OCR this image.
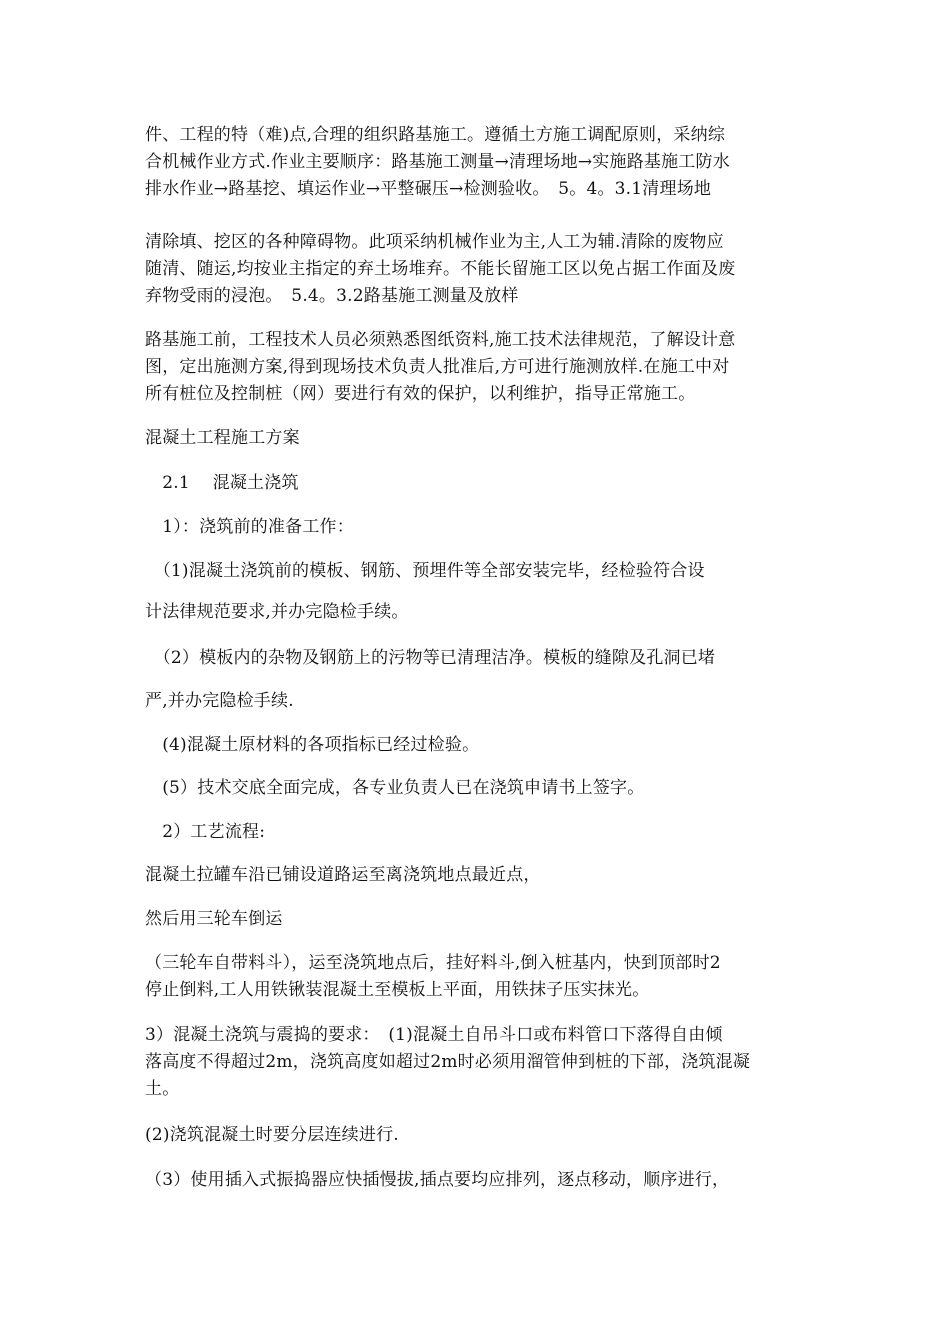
件、工程的特（难)点,合理的组织路基施工。遵循土方施工调配原则，采纳综
合机械作业方式.作业主要顺序：路基施工测量→清理场地→实施路基施工防水
排水作业→路基挖、填运作业→平整碾压→检测验收。　5。4。3.1清理场地
清除填、挖区的各种障碍物。此项采纳机械作业为主,人工为辅.清除的废物应
随清、随运,均按业主指定的弃土场堆弃。不能长留施工区以免占据工作面及废
弃物受雨的浸泡。　5.4。3.2路基施工测量及放样
路基施工前，工程技术人员必须熟悉图纸资料,施工技术法律规范，了解设计意
图，定出施测方案,得到现场技术负责人批准后,方可进行施测放样.在施工中对
所有桩位及控制桩（网）要进行有效的保护，以利维护，指导正常施工。
混凝土工程施工方案
　2.1　 混凝土浇筑
　1）：浇筑前的准备工作：
　（1)混凝土浇筑前的模板、钢筋、预埋件等全部安装完毕，经检验符合设
计法律规范要求,并办完隐检手续。
　（2）模板内的杂物及钢筋上的污物等已清理洁净。模板的缝隙及孔洞已堵
严,并办完隐检手续.
　(4)混凝土原材料的各项指标已经过检验。
　(5）技术交底全面完成，各专业负责人已在浇筑申请书上签字。
　2）工艺流程:
混凝土拉罐车沿已铺设道路运至离浇筑地点最近点，
然后用三轮车倒运
（三轮车自带料斗），运至浇筑地点后，挂好料斗,倒入桩基内，快到顶部时2
停止倒料,工人用铁锹装混凝土至模板上平面，用铁抹子压实抹光。
3）混凝土浇筑与震捣的要求：　(1)混凝土自吊斗口或布料管口下落得自由倾
落高度不得超过2m，浇筑高度如超过2m时必须用溜管伸到桩的下部，浇筑混凝
土。
(2)浇筑混凝土时要分层连续进行.
（3）使用插入式振捣器应快插慢拔,插点要均应排列，逐点移动，顺序进行，
